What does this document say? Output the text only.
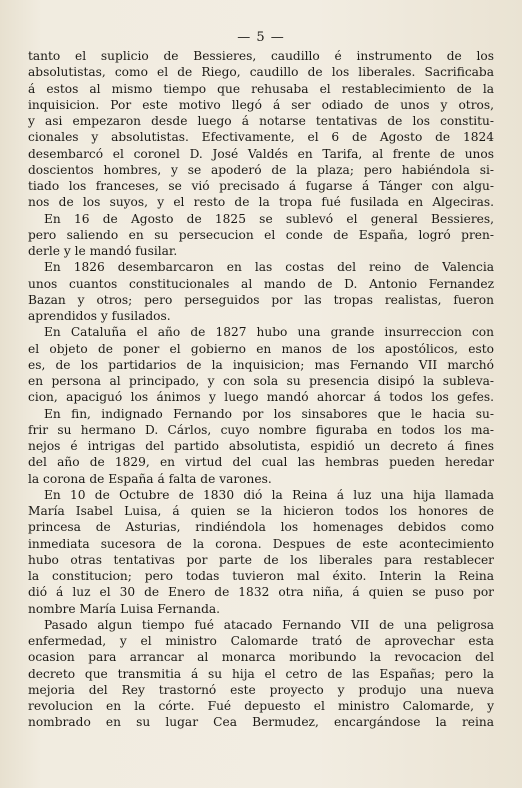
— 5 —
tanto el suplicio de Bessieres, caudillo é instrumento de los
absolutistas, como el de Riego, caudillo de los liberales. Sacrificaba
á estos al mismo tiempo que rehusaba el restablecimiento de la
inquisicion. Por este motivo llegó á ser odiado de unos y otros,
y asi empezaron desde luego á notarse tentativas de los constitu-
cionales y absolutistas. Efectivamente, el 6 de Agosto de 1824
desembarcó el coronel D. José Valdés en Tarifa, al frente de unos
doscientos hombres, y se apoderó de la plaza; pero habiéndola si-
tiado los franceses, se vió precisado á fugarse á Tánger con algu-
nos de los suyos, y el resto de la tropa fué fusilada en Algeciras.
En 16 de Agosto de 1825 se sublevó el general Bessieres,
pero saliendo en su persecucion el conde de España, logró pren-
derle y le mandó fusilar.
En 1826 desembarcaron en las costas del reino de Valencia
unos cuantos constitucionales al mando de D. Antonio Fernandez
Bazan y otros; pero perseguidos por las tropas realistas, fueron
aprendidos y fusilados.
En Cataluña el año de 1827 hubo una grande insurreccion con
el objeto de poner el gobierno en manos de los apostólicos, esto
es, de los partidarios de la inquisicion; mas Fernando VII marchó
en persona al principado, y con sola su presencia disipó la subleva-
cion, apaciguó los ánimos y luego mandó ahorcar á todos los gefes.
En fin, indignado Fernando por los sinsabores que le hacia su-
frir su hermano D. Cárlos, cuyo nombre figuraba en todos los ma-
nejos é intrigas del partido absolutista, espidió un decreto á fines
del año de 1829, en virtud del cual las hembras pueden heredar
la corona de España á falta de varones.
En 10 de Octubre de 1830 dió la Reina á luz una hija llamada
María Isabel Luisa, á quien se la hicieron todos los honores de
princesa de Asturias, rindiéndola los homenages debidos como
inmediata sucesora de la corona. Despues de este acontecimiento
hubo otras tentativas por parte de los liberales para restablecer
la constitucion; pero todas tuvieron mal éxito. Interin la Reina
dió á luz el 30 de Enero de 1832 otra niña, á quien se puso por
nombre María Luisa Fernanda.
Pasado algun tiempo fué atacado Fernando VII de una peligrosa
enfermedad, y el ministro Calomarde trató de aprovechar esta
ocasion para arrancar al monarca moribundo la revocacion del
decreto que transmitia á su hija el cetro de las Españas; pero la
mejoria del Rey trastornó este proyecto y produjo una nueva
revolucion en la córte. Fué depuesto el ministro Calomarde, y
nombrado en su lugar Cea Bermudez, encargándose la reina
